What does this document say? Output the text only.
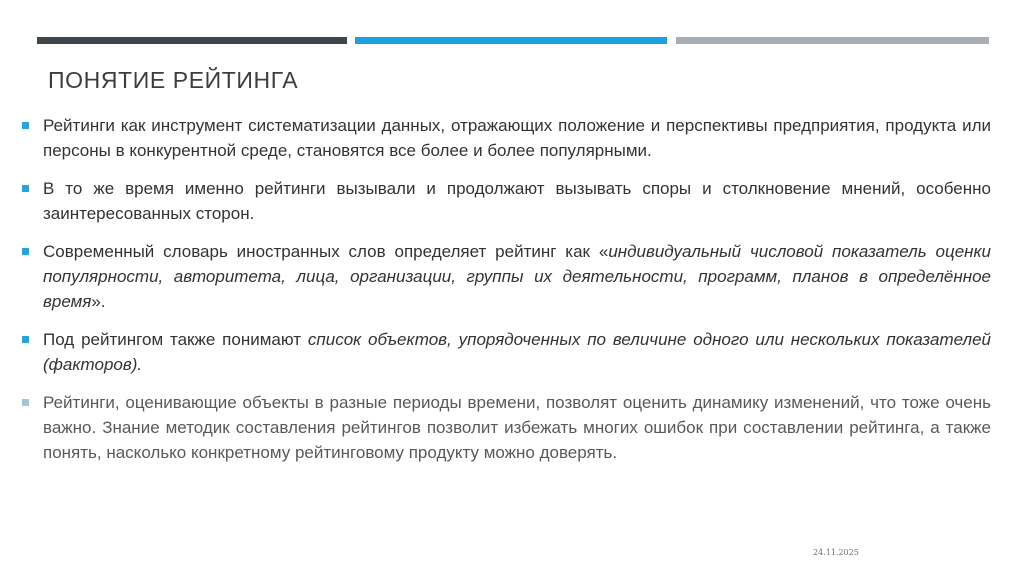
ПОНЯТИЕ РЕЙТИНГА
Рейтинги как инструмент систематизации данных, отражающих положение и перспективы предприятия, продукта или персоны в конкурентной среде, становятся все более и более популярными.
В то же время именно рейтинги вызывали и продолжают вызывать споры и столкновение мнений, особенно заинтересованных сторон.
Современный словарь иностранных слов определяет рейтинг как «индивидуальный числовой показатель оценки популярности, авторитета, лица, организации, группы их деятельности, программ, планов в определённое время».
Под рейтингом также понимают список объектов, упорядоченных по величине одного или нескольких показателей (факторов).
Рейтинги, оценивающие объекты в разные периоды времени, позволят оценить динамику изменений, что тоже очень важно. Знание методик составления рейтингов позволит избежать многих ошибок при составлении рейтинга, а также понять, насколько конкретному рейтинговому продукту можно доверять.
24.11.2025
